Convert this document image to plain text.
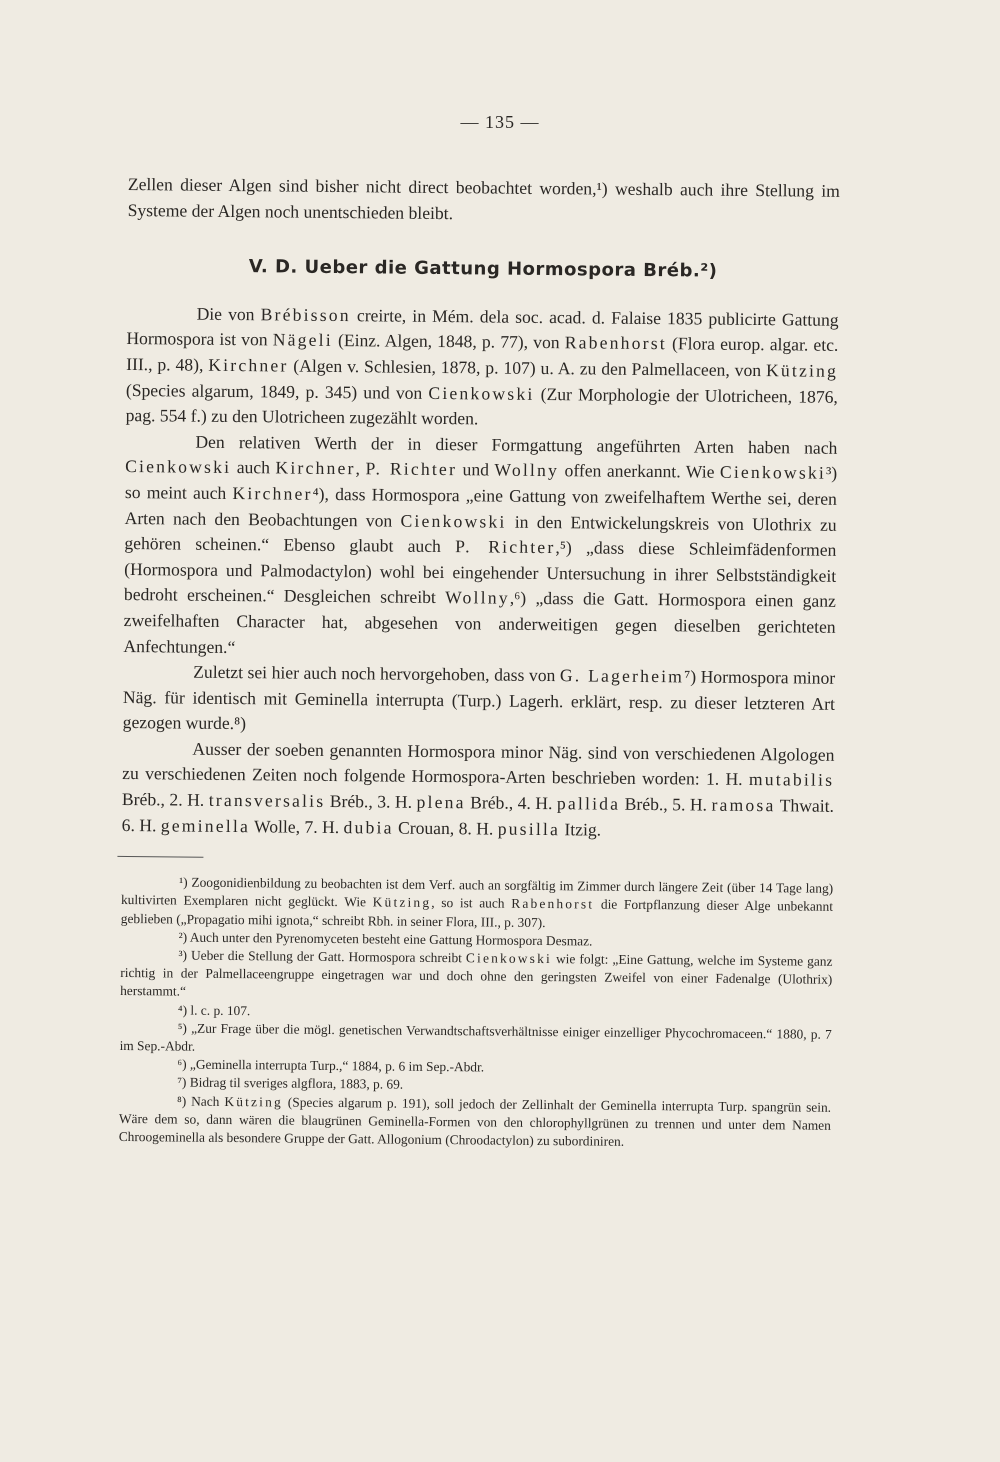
— 135 —

Zellen dieser Algen sind bisher nicht direct beobachtet worden,¹) weshalb auch ihre Stellung im Systeme der Algen noch unentschieden bleibt.

V. D. Ueber die Gattung Hormospora Bréb.²)

Die von Brébisson creirte, in Mém. dela soc. acad. d. Falaise 1835 publicirte Gattung Hormospora ist von Nägeli (Einz. Algen, 1848, p. 77), von Rabenhorst (Flora europ. algar. etc. III., p. 48), Kirchner (Algen v. Schlesien, 1878, p. 107) u. A. zu den Palmellaceen, von Kützing (Species algarum, 1849, p. 345) und von Cienkowski (Zur Morphologie der Ulotricheen, 1876, pag. 554 f.) zu den Ulotricheen zugezählt worden.

Den relativen Werth der in dieser Formgattung angeführten Arten haben nach Cienkowski auch Kirchner, P. Richter und Wollny offen anerkannt. Wie Cienkowski³) so meint auch Kirchner⁴), dass Hormospora „eine Gattung von zweifelhaftem Werthe sei, deren Arten nach den Beobachtungen von Cienkowski in den Entwickelungskreis von Ulothrix zu gehören scheinen.“ Ebenso glaubt auch P. Richter,⁵) „dass diese Schleimfädenformen (Hormospora und Palmodactylon) wohl bei eingehender Untersuchung in ihrer Selbstständigkeit bedroht erscheinen.“ Desgleichen schreibt Wollny,⁶) „dass die Gatt. Hormospora einen ganz zweifelhaften Character hat, abgesehen von anderweitigen gegen dieselben gerichteten Anfechtungen.“

Zuletzt sei hier auch noch hervorgehoben, dass von G. Lagerheim⁷) Hormospora minor Näg. für identisch mit Geminella interrupta (Turp.) Lagerh. erklärt, resp. zu dieser letzteren Art gezogen wurde.⁸)

Ausser der soeben genannten Hormospora minor Näg. sind von verschiedenen Algologen zu verschiedenen Zeiten noch folgende Hormospora-Arten beschrieben worden: 1. H. mutabilis Bréb., 2. H. transversalis Bréb., 3. H. plena Bréb., 4. H. pallida Bréb., 5. H. ramosa Thwait. 6. H. geminella Wolle, 7. H. dubia Crouan, 8. H. pusilla Itzig.

¹) Zoogonidienbildung zu beobachten ist dem Verf. auch an sorgfältig im Zimmer durch längere Zeit (über 14 Tage lang) kultivirten Exemplaren nicht geglückt. Wie Kützing, so ist auch Rabenhorst die Fortpflanzung dieser Alge unbekannt geblieben („Propagatio mihi ignota,“ schreibt Rbh. in seiner Flora, III., p. 307).

²) Auch unter den Pyrenomyceten besteht eine Gattung Hormospora Desmaz.

³) Ueber die Stellung der Gatt. Hormospora schreibt Cienkowski wie folgt: „Eine Gattung, welche im Systeme ganz richtig in der Palmellaceengruppe eingetragen war und doch ohne den geringsten Zweifel von einer Fadenalge (Ulothrix) herstammt.“

⁴) l. c. p. 107.

⁵) „Zur Frage über die mögl. genetischen Verwandtschaftsverhältnisse einiger einzelliger Phycochromaceen.“ 1880, p. 7 im Sep.-Abdr.

⁶) „Geminella interrupta Turp.,“ 1884, p. 6 im Sep.-Abdr.

⁷) Bidrag til sveriges algflora, 1883, p. 69.

⁸) Nach Kützing (Species algarum p. 191), soll jedoch der Zellinhalt der Geminella interrupta Turp. spangrün sein. Wäre dem so, dann wären die blaugrünen Geminella-Formen von den chlorophyllgrünen zu trennen und unter dem Namen Chroogeminella als besondere Gruppe der Gatt. Allogonium (Chroodactylon) zu subordiniren.
